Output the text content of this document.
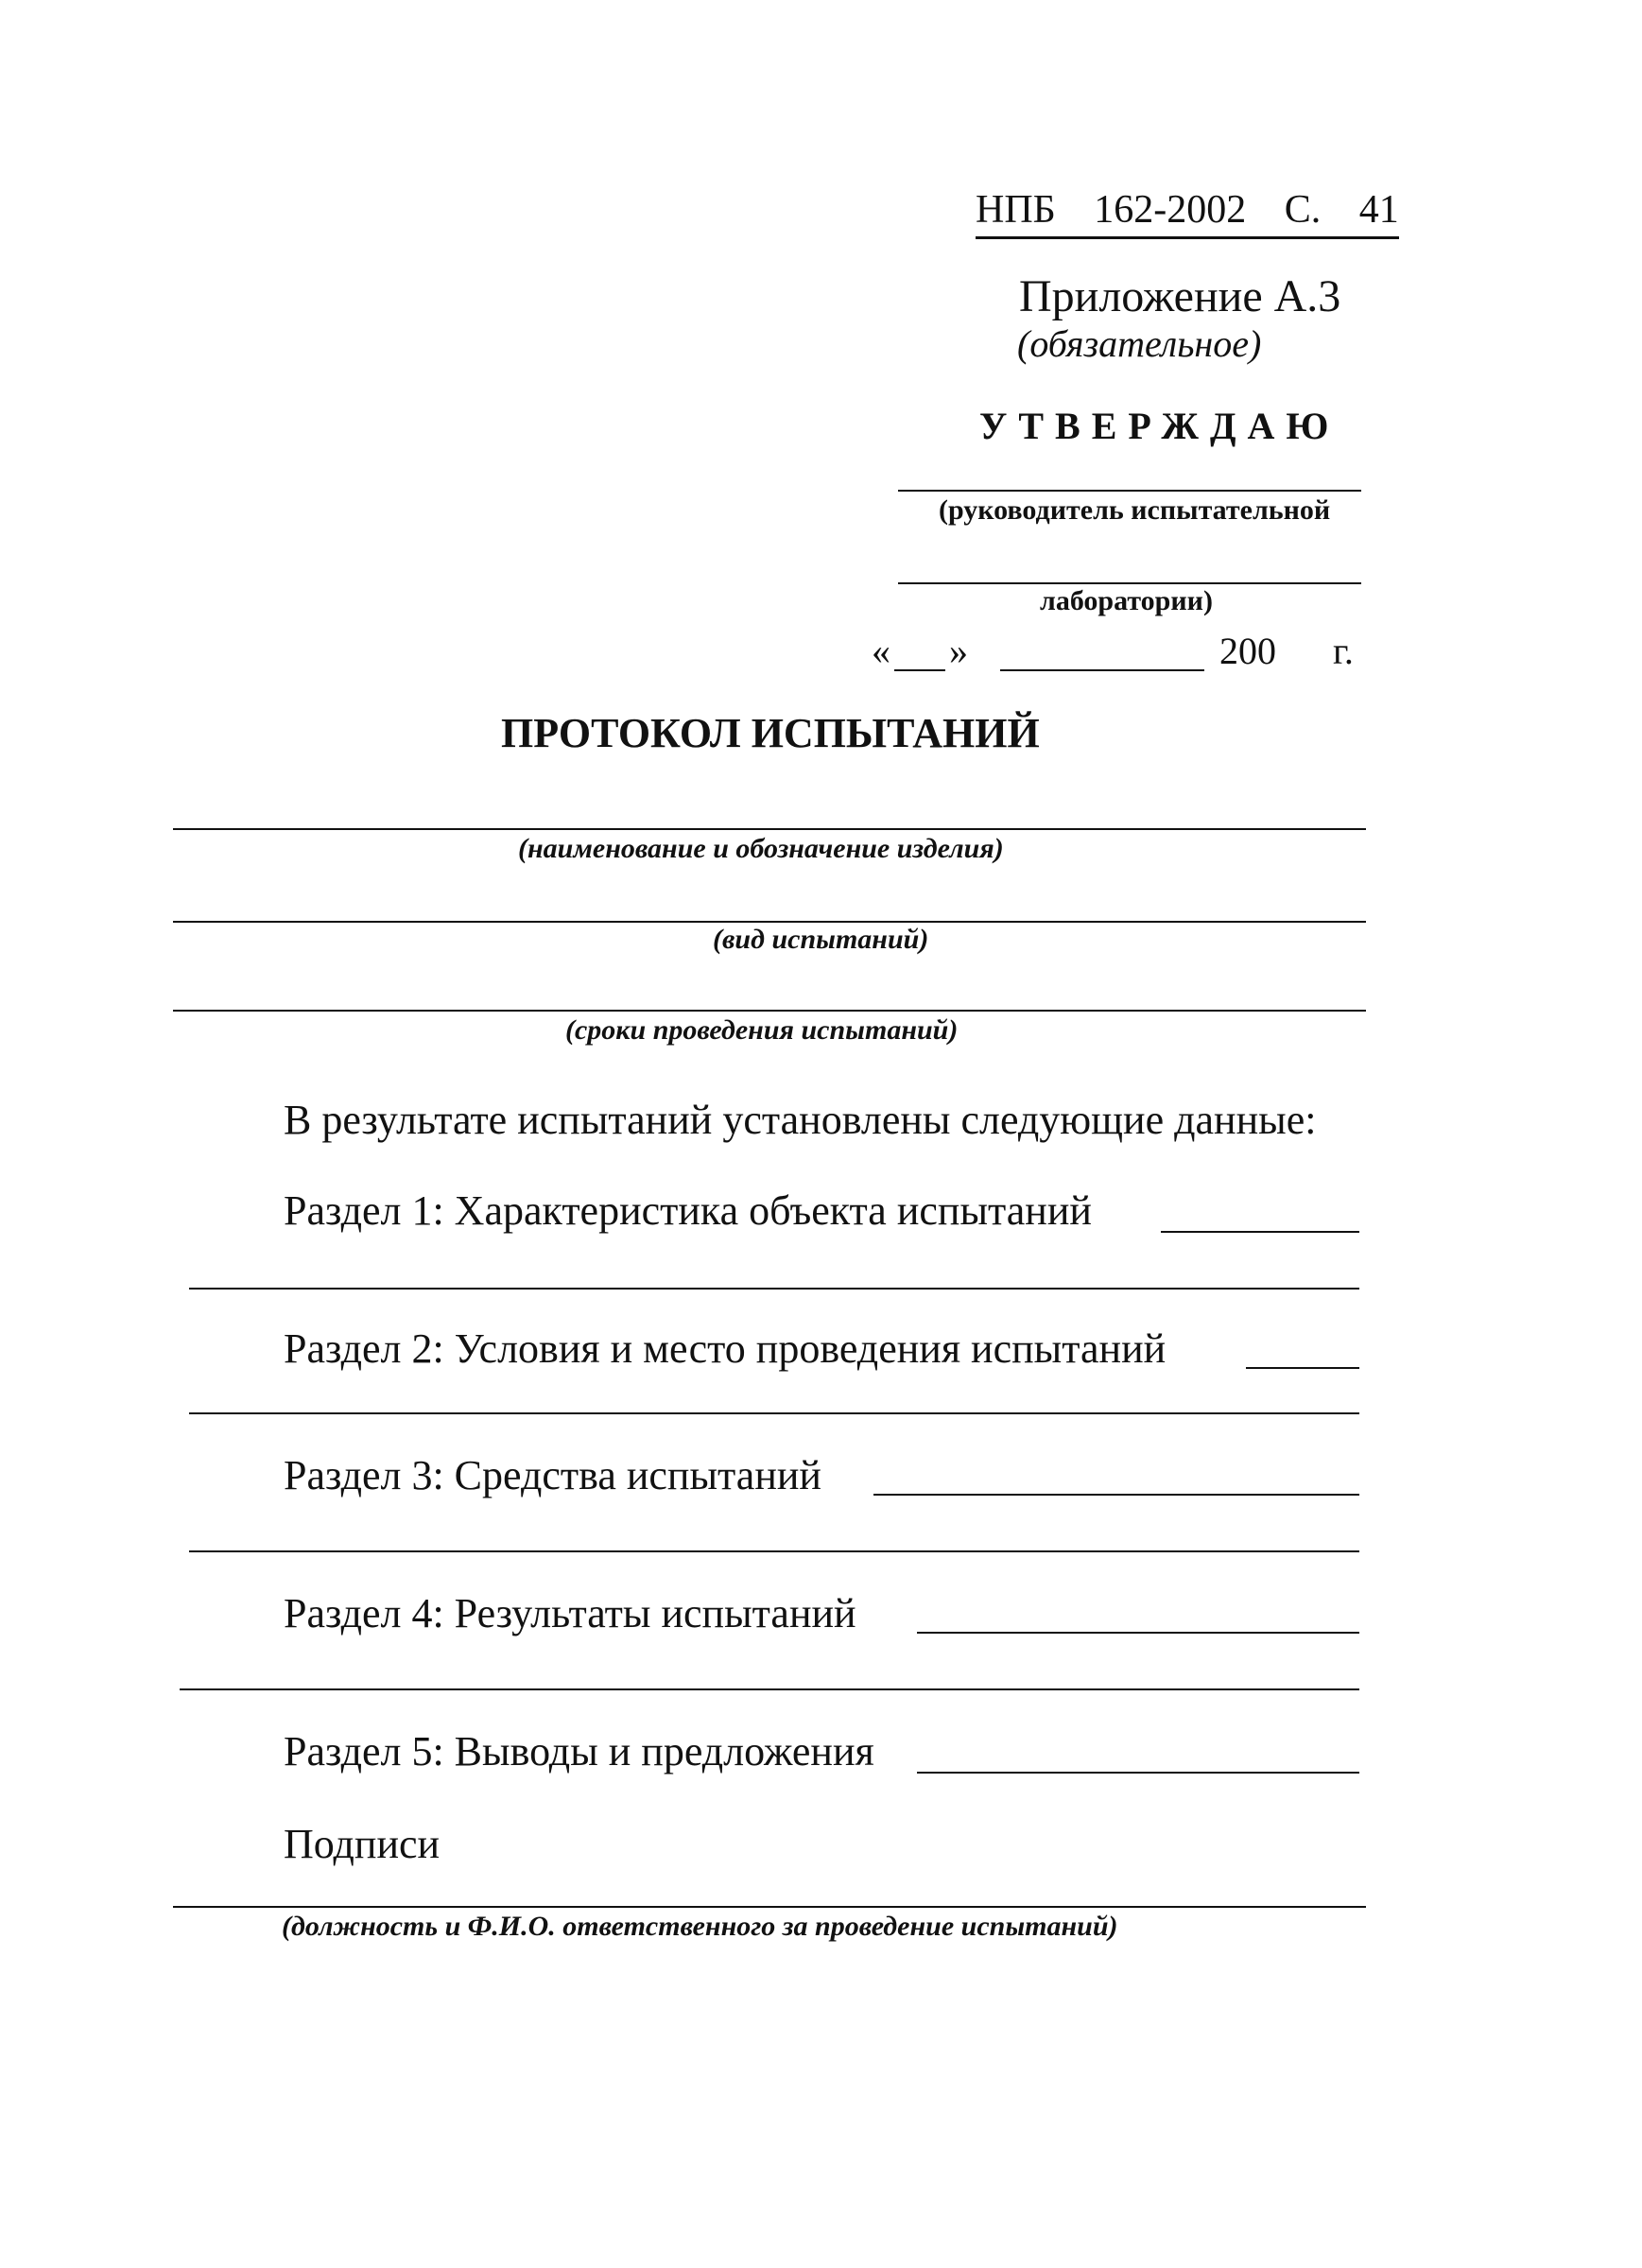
НПБ 162-2002 С. 41
Приложение А.3
(обязательное)
УТВЕРЖДАЮ
(руководитель испытательной
лаборатории)
« »	200 г.
ПРОТОКОЛ ИСПЫТАНИЙ
(наименование и обозначение изделия)
(вид испытаний)
(сроки проведения испытаний)
В результате испытаний установлены следующие данные:
Раздел 1: Характеристика объекта испытаний
Раздел 2: Условия и место проведения испытаний
Раздел 3: Средства испытаний
Раздел 4: Результаты испытаний
Раздел 5: Выводы и предложения
Подписи
(должность и Ф.И.О. ответственного за проведение испытаний)
